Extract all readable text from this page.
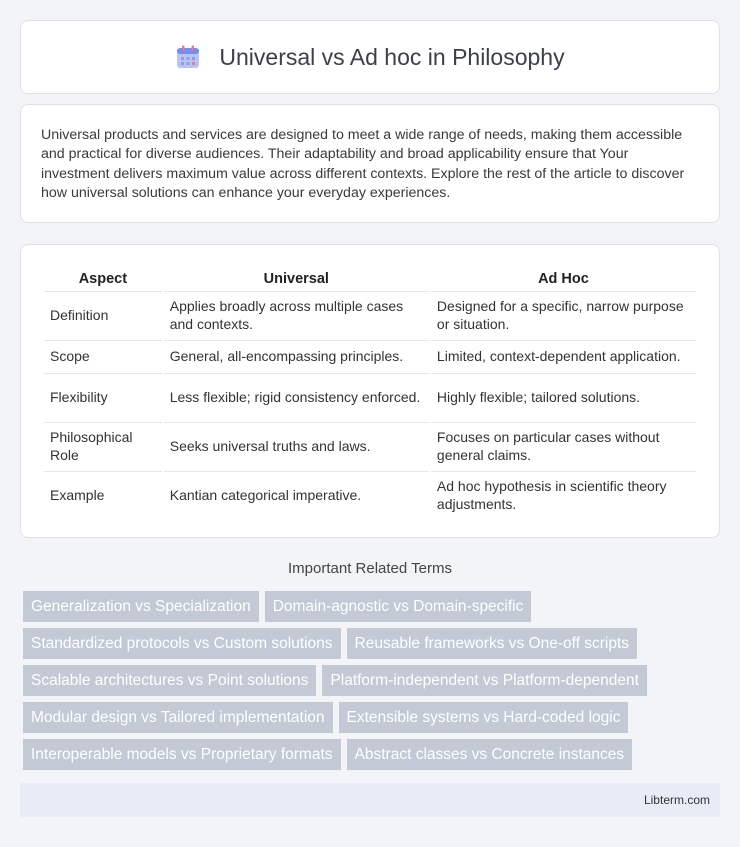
Universal vs Ad hoc in Philosophy

Universal products and services are designed to meet a wide range of needs, making them accessible and practical for diverse audiences. Their adaptability and broad applicability ensure that Your investment delivers maximum value across different contexts. Explore the rest of the article to discover how universal solutions can enhance your everyday experiences.

Aspect	Universal	Ad Hoc
Definition	Applies broadly across multiple cases and contexts.	Designed for a specific, narrow purpose or situation.
Scope	General, all-encompassing principles.	Limited, context-dependent application.
Flexibility	Less flexible; rigid consistency enforced.	Highly flexible; tailored solutions.
Philosophical Role	Seeks universal truths and laws.	Focuses on particular cases without general claims.
Example	Kantian categorical imperative.	Ad hoc hypothesis in scientific theory adjustments.
Important Related Terms
Generalization vs Specialization	Domain-agnostic vs Domain-specific
Standardized protocols vs Custom solutions	Reusable frameworks vs One-off scripts
Scalable architectures vs Point solutions	Platform-independent vs Platform-dependent
Modular design vs Tailored implementation	Extensible systems vs Hard-coded logic
Interoperable models vs Proprietary formats	Abstract classes vs Concrete instances
Libterm.com
